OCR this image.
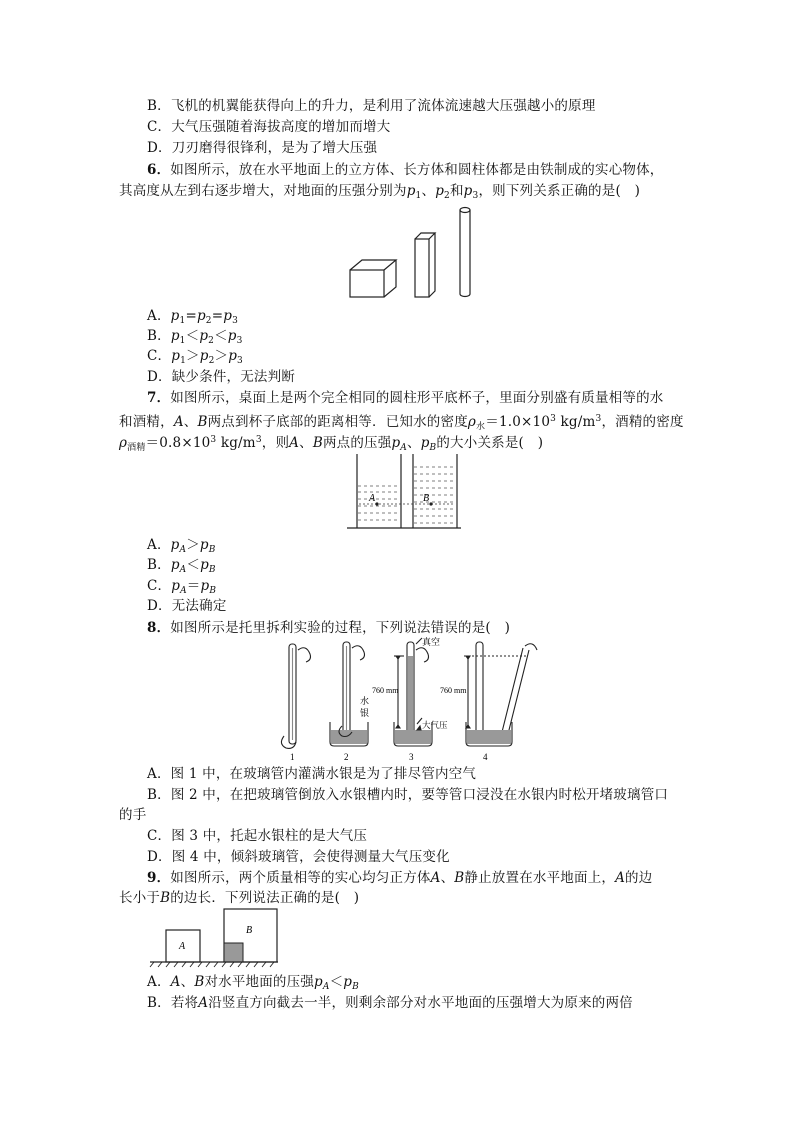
B．飞机的机翼能获得向上的升力，是利用了流体流速越大压强越小的原理
C．大气压强随着海拔高度的增加而增大
D．刀刃磨得很锋利，是为了增大压强
6．如图所示，放在水平地面上的立方体、长方体和圆柱体都是由铁制成的实心物体，
其高度从左到右逐步增大，对地面的压强分别为$p_1$、$p_2$和$p_3$，则下列关系正确的是(　)
A．$p_1=p_2=p_3$
B．$p_1<p_2<p_3$
C．$p_1>p_2>p_3$
D．缺少条件，无法判断
7．如图所示，桌面上是两个完全相同的圆柱形平底杯子，里面分别盛有质量相等的水
和酒精，A、B两点到杯子底部的距离相等．已知水的密度$\rho_水=1.0\times 10^3$ $kg/m^3$，酒精的密度
$\rho_{酒精}=0.8\times 10^3$ $kg/m^3$，则A、B两点的压强$p_A$、$p_B$的大小关系是(　)
A	B
A．$p_A>p_B$
B．$p_A<p_B$
C．$p_A=p_B$
D．无法确定
8．如图所示是托里拆利实验的过程，下列说法错误的是(　)
真空
760 mm	760 mm
水
银
大气压
1	2	3	4
A．图 1 中，在玻璃管内灌满水银是为了排尽管内空气
B．图 2 中，在把玻璃管倒放入水银槽内时，要等管口浸没在水银内时松开堵玻璃管口
的手
C．图 3 中，托起水银柱的是大气压
D．图 4 中，倾斜玻璃管，会使得测量大气压变化
9．如图所示，两个质量相等的实心均匀正方体A、B静止放置在水平地面上，A的边
长小于B的边长．下列说法正确的是(　)
A
B
A．A、B对水平地面的压强$p_A<p_B$
B．若将A沿竖直方向截去一半，则剩余部分对水平地面的压强增大为原来的两倍
